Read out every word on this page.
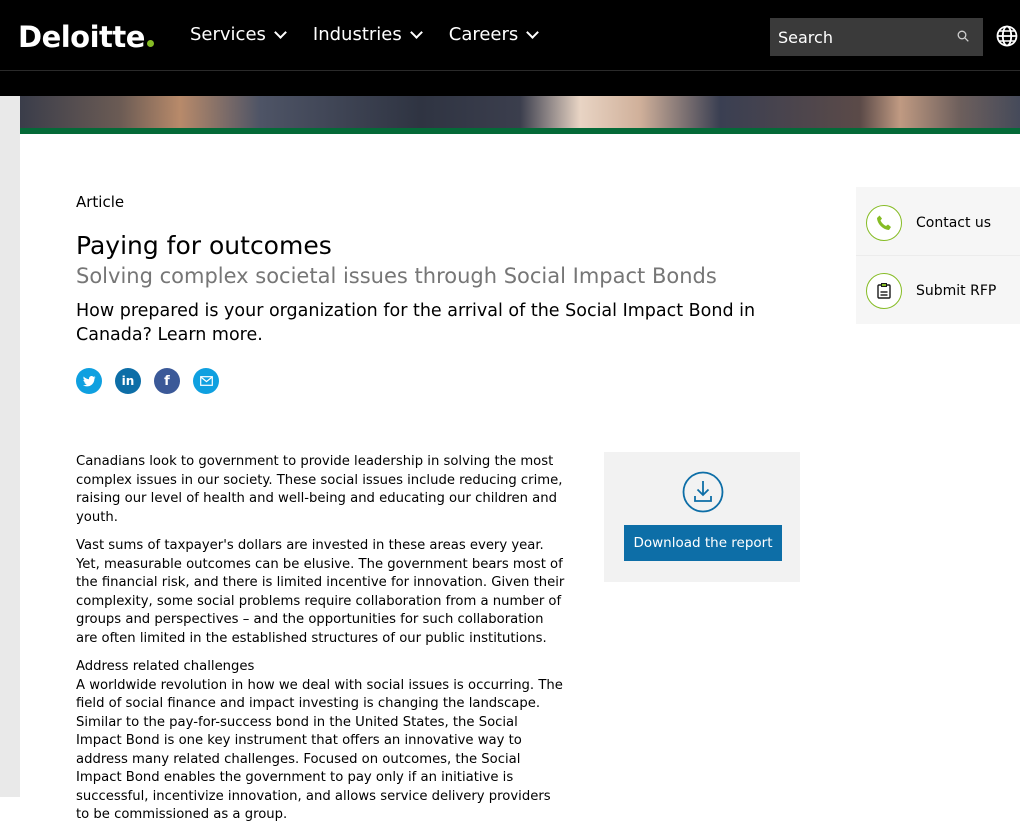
Deloitte	Services	Industries	Careers
Search
Article
Paying for outcomes
Solving complex societal issues through Social Impact Bonds
How prepared is your organization for the arrival of the Social Impact Bond in Canada? Learn more.
in f

Canadians look to government to provide leadership in solving the most complex issues in our society. These social issues include reducing crime, raising our level of health and well-being and educating our children and youth.

Vast sums of taxpayer's dollars are invested in these areas every year. Yet, measurable outcomes can be elusive. The government bears most of the financial risk, and there is limited incentive for innovation. Given their complexity, some social problems require collaboration from a number of groups and perspectives – and the opportunities for such collaboration are often limited in the established structures of our public institutions.

Address related challenges

A worldwide revolution in how we deal with social issues is occurring. The field of social finance and impact investing is changing the landscape. Similar to the pay-for-success bond in the United States, the Social Impact Bond is one key instrument that offers an innovative way to address many related challenges. Focused on outcomes, the Social Impact Bond enables the government to pay only if an initiative is successful, incentivize innovation, and allows service delivery providers to be commissioned as a group.

Download the report
Contact us
Submit RFP
